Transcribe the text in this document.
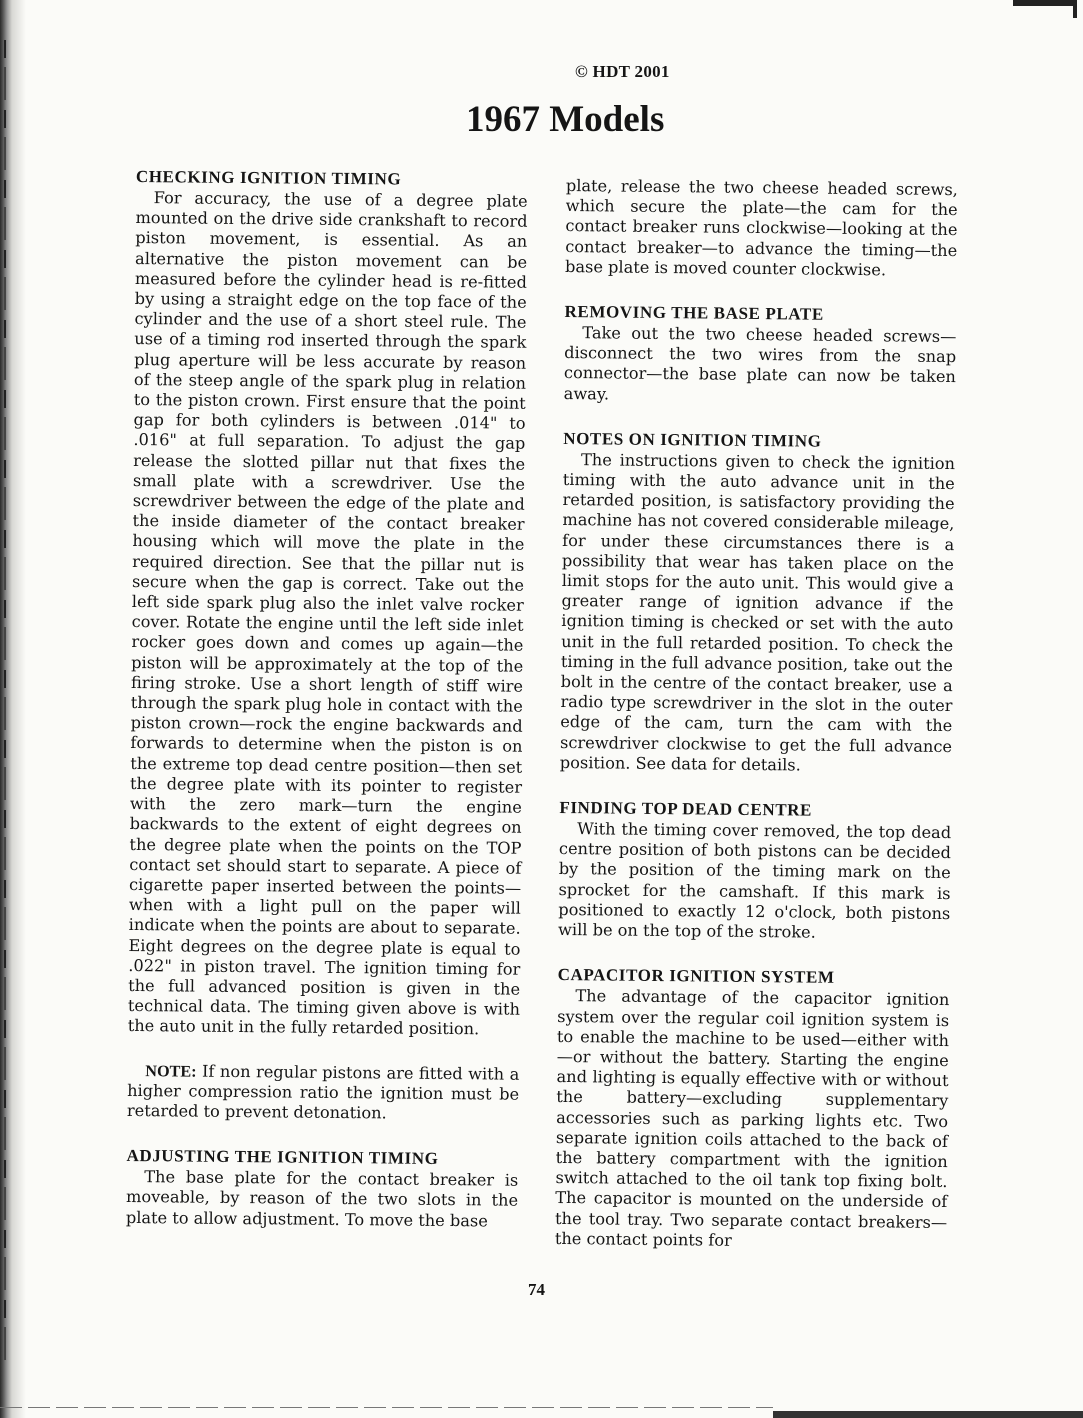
© HDT 2001
1967 Models
CHECKING IGNITION TIMING

For accuracy, the use of a degree plate mounted on the drive side crankshaft to record piston movement, is essential. As an alternative the piston movement can be measured before the cylinder head is re-fitted by using a straight edge on the top face of the cylinder and the use of a short steel rule. The use of a timing rod inserted through the spark plug aperture will be less accurate by reason of the steep angle of the spark plug in relation to the piston crown. First ensure that the point gap for both cylinders is between .014" to .016" at full separation. To adjust the gap release the slotted pillar nut that fixes the small plate with a screwdriver. Use the screwdriver between the edge of the plate and the inside diameter of the contact breaker housing which will move the plate in the required direction. See that the pillar nut is secure when the gap is correct. Take out the left side spark plug also the inlet valve rocker cover. Rotate the engine until the left side inlet rocker goes down and comes up again—the piston will be approximately at the top of the firing stroke. Use a short length of stiff wire through the spark plug hole in contact with the piston crown—rock the engine backwards and forwards to determine when the piston is on the extreme top dead centre position—then set the degree plate with its pointer to register with the zero mark—turn the engine backwards to the extent of eight degrees on the degree plate when the points on the TOP contact set should start to separate. A piece of cigarette paper inserted between the points—when with a light pull on the paper will indicate when the points are about to separate. Eight degrees on the degree plate is equal to .022" in piston travel. The ignition timing for the full advanced position is given in the technical data. The timing given above is with the auto unit in the fully retarded position.

NOTE: If non regular pistons are fitted with a higher compression ratio the ignition must be retarded to prevent detonation.

ADJUSTING THE IGNITION TIMING

The base plate for the contact breaker is moveable, by reason of the two slots in the plate to allow adjustment. To move the base

plate, release the two cheese headed screws, which secure the plate—the cam for the contact breaker runs clockwise—looking at the contact breaker—to advance the timing—the base plate is moved counter clockwise.

REMOVING THE BASE PLATE

Take out the two cheese headed screws—disconnect the two wires from the snap connector—the base plate can now be taken away.

NOTES ON IGNITION TIMING

The instructions given to check the ignition timing with the auto advance unit in the retarded position, is satisfactory providing the machine has not covered considerable mileage, for under these circumstances there is a possibility that wear has taken place on the limit stops for the auto unit. This would give a greater range of ignition advance if the ignition timing is checked or set with the auto unit in the full retarded position. To check the timing in the full advance position, take out the bolt in the centre of the contact breaker, use a radio type screwdriver in the slot in the outer edge of the cam, turn the cam with the screwdriver clockwise to get the full advance position. See data for details.

FINDING TOP DEAD CENTRE

With the timing cover removed, the top dead centre position of both pistons can be decided by the position of the timing mark on the sprocket for the camshaft. If this mark is positioned to exactly 12 o'clock, both pistons will be on the top of the stroke.

CAPACITOR IGNITION SYSTEM

The advantage of the capacitor ignition system over the regular coil ignition system is to enable the machine to be used—either with—or without the battery. Starting the engine and lighting is equally effective with or without the battery—excluding supplementary accessories such as parking lights etc. Two separate ignition coils attached to the back of the battery compartment with the ignition switch attached to the oil tank top fixing bolt. The capacitor is mounted on the underside of the tool tray. Two separate contact breakers—the contact points for

74
